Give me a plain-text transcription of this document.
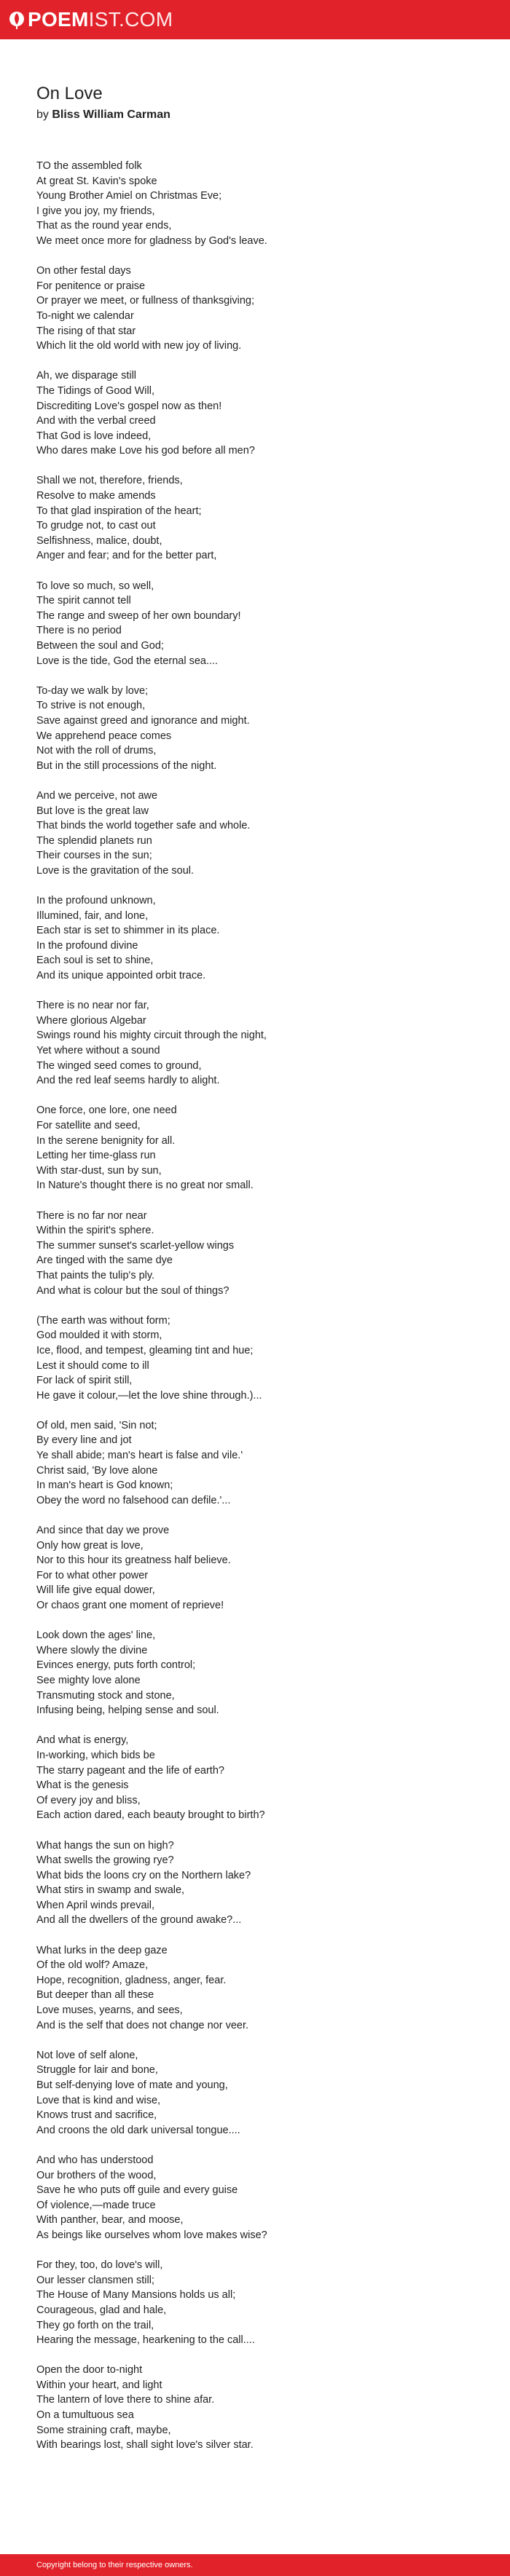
POEM IST.COM
On Love
by Bliss William Carman
TO the assembled folk
At great St. Kavin's spoke
Young Brother Amiel on Christmas Eve;
I give you joy, my friends,
That as the round year ends,
We meet once more for gladness by God's leave.
On other festal days
For penitence or praise
Or prayer we meet, or fullness of thanksgiving;
To-night we calendar
The rising of that star
Which lit the old world with new joy of living.
Ah, we disparage still
The Tidings of Good Will,
Discrediting Love's gospel now as then!
And with the verbal creed
That God is love indeed,
Who dares make Love his god before all men?
Shall we not, therefore, friends,
Resolve to make amends
To that glad inspiration of the heart;
To grudge not, to cast out
Selfishness, malice, doubt,
Anger and fear; and for the better part,
To love so much, so well,
The spirit cannot tell
The range and sweep of her own boundary!
There is no period
Between the soul and God;
Love is the tide, God the eternal sea....
To-day we walk by love;
To strive is not enough,
Save against greed and ignorance and might.
We apprehend peace comes
Not with the roll of drums,
But in the still processions of the night.
And we perceive, not awe
But love is the great law
That binds the world together safe and whole.
The splendid planets run
Their courses in the sun;
Love is the gravitation of the soul.
In the profound unknown,
Illumined, fair, and lone,
Each star is set to shimmer in its place.
In the profound divine
Each soul is set to shine,
And its unique appointed orbit trace.
There is no near nor far,
Where glorious Algebar
Swings round his mighty circuit through the night,
Yet where without a sound
The winged seed comes to ground,
And the red leaf seems hardly to alight.
One force, one lore, one need
For satellite and seed,
In the serene benignity for all.
Letting her time-glass run
With star-dust, sun by sun,
In Nature's thought there is no great nor small.
There is no far nor near
Within the spirit's sphere.
The summer sunset's scarlet-yellow wings
Are tinged with the same dye
That paints the tulip's ply.
And what is colour but the soul of things?
(The earth was without form;
God moulded it with storm,
Ice, flood, and tempest, gleaming tint and hue;
Lest it should come to ill
For lack of spirit still,
He gave it colour,—let the love shine through.)...
Of old, men said, 'Sin not;
By every line and jot
Ye shall abide; man's heart is false and vile.'
Christ said, 'By love alone
In man's heart is God known;
Obey the word no falsehood can defile.'...
And since that day we prove
Only how great is love,
Nor to this hour its greatness half believe.
For to what other power
Will life give equal dower,
Or chaos grant one moment of reprieve!
Look down the ages' line,
Where slowly the divine
Evinces energy, puts forth control;
See mighty love alone
Transmuting stock and stone,
Infusing being, helping sense and soul.
And what is energy,
In-working, which bids be
The starry pageant and the life of earth?
What is the genesis
Of every joy and bliss,
Each action dared, each beauty brought to birth?
What hangs the sun on high?
What swells the growing rye?
What bids the loons cry on the Northern lake?
What stirs in swamp and swale,
When April winds prevail,
And all the dwellers of the ground awake?...
What lurks in the deep gaze
Of the old wolf? Amaze,
Hope, recognition, gladness, anger, fear.
But deeper than all these
Love muses, yearns, and sees,
And is the self that does not change nor veer.
Not love of self alone,
Struggle for lair and bone,
But self-denying love of mate and young,
Love that is kind and wise,
Knows trust and sacrifice,
And croons the old dark universal tongue....
And who has understood
Our brothers of the wood,
Save he who puts off guile and every guise
Of violence,—made truce
With panther, bear, and moose,
As beings like ourselves whom love makes wise?
For they, too, do love's will,
Our lesser clansmen still;
The House of Many Mansions holds us all;
Courageous, glad and hale,
They go forth on the trail,
Hearing the message, hearkening to the call....
Open the door to-night
Within your heart, and light
The lantern of love there to shine afar.
On a tumultuous sea
Some straining craft, maybe,
With bearings lost, shall sight love's silver star.
Copyright belong to their respective owners.
